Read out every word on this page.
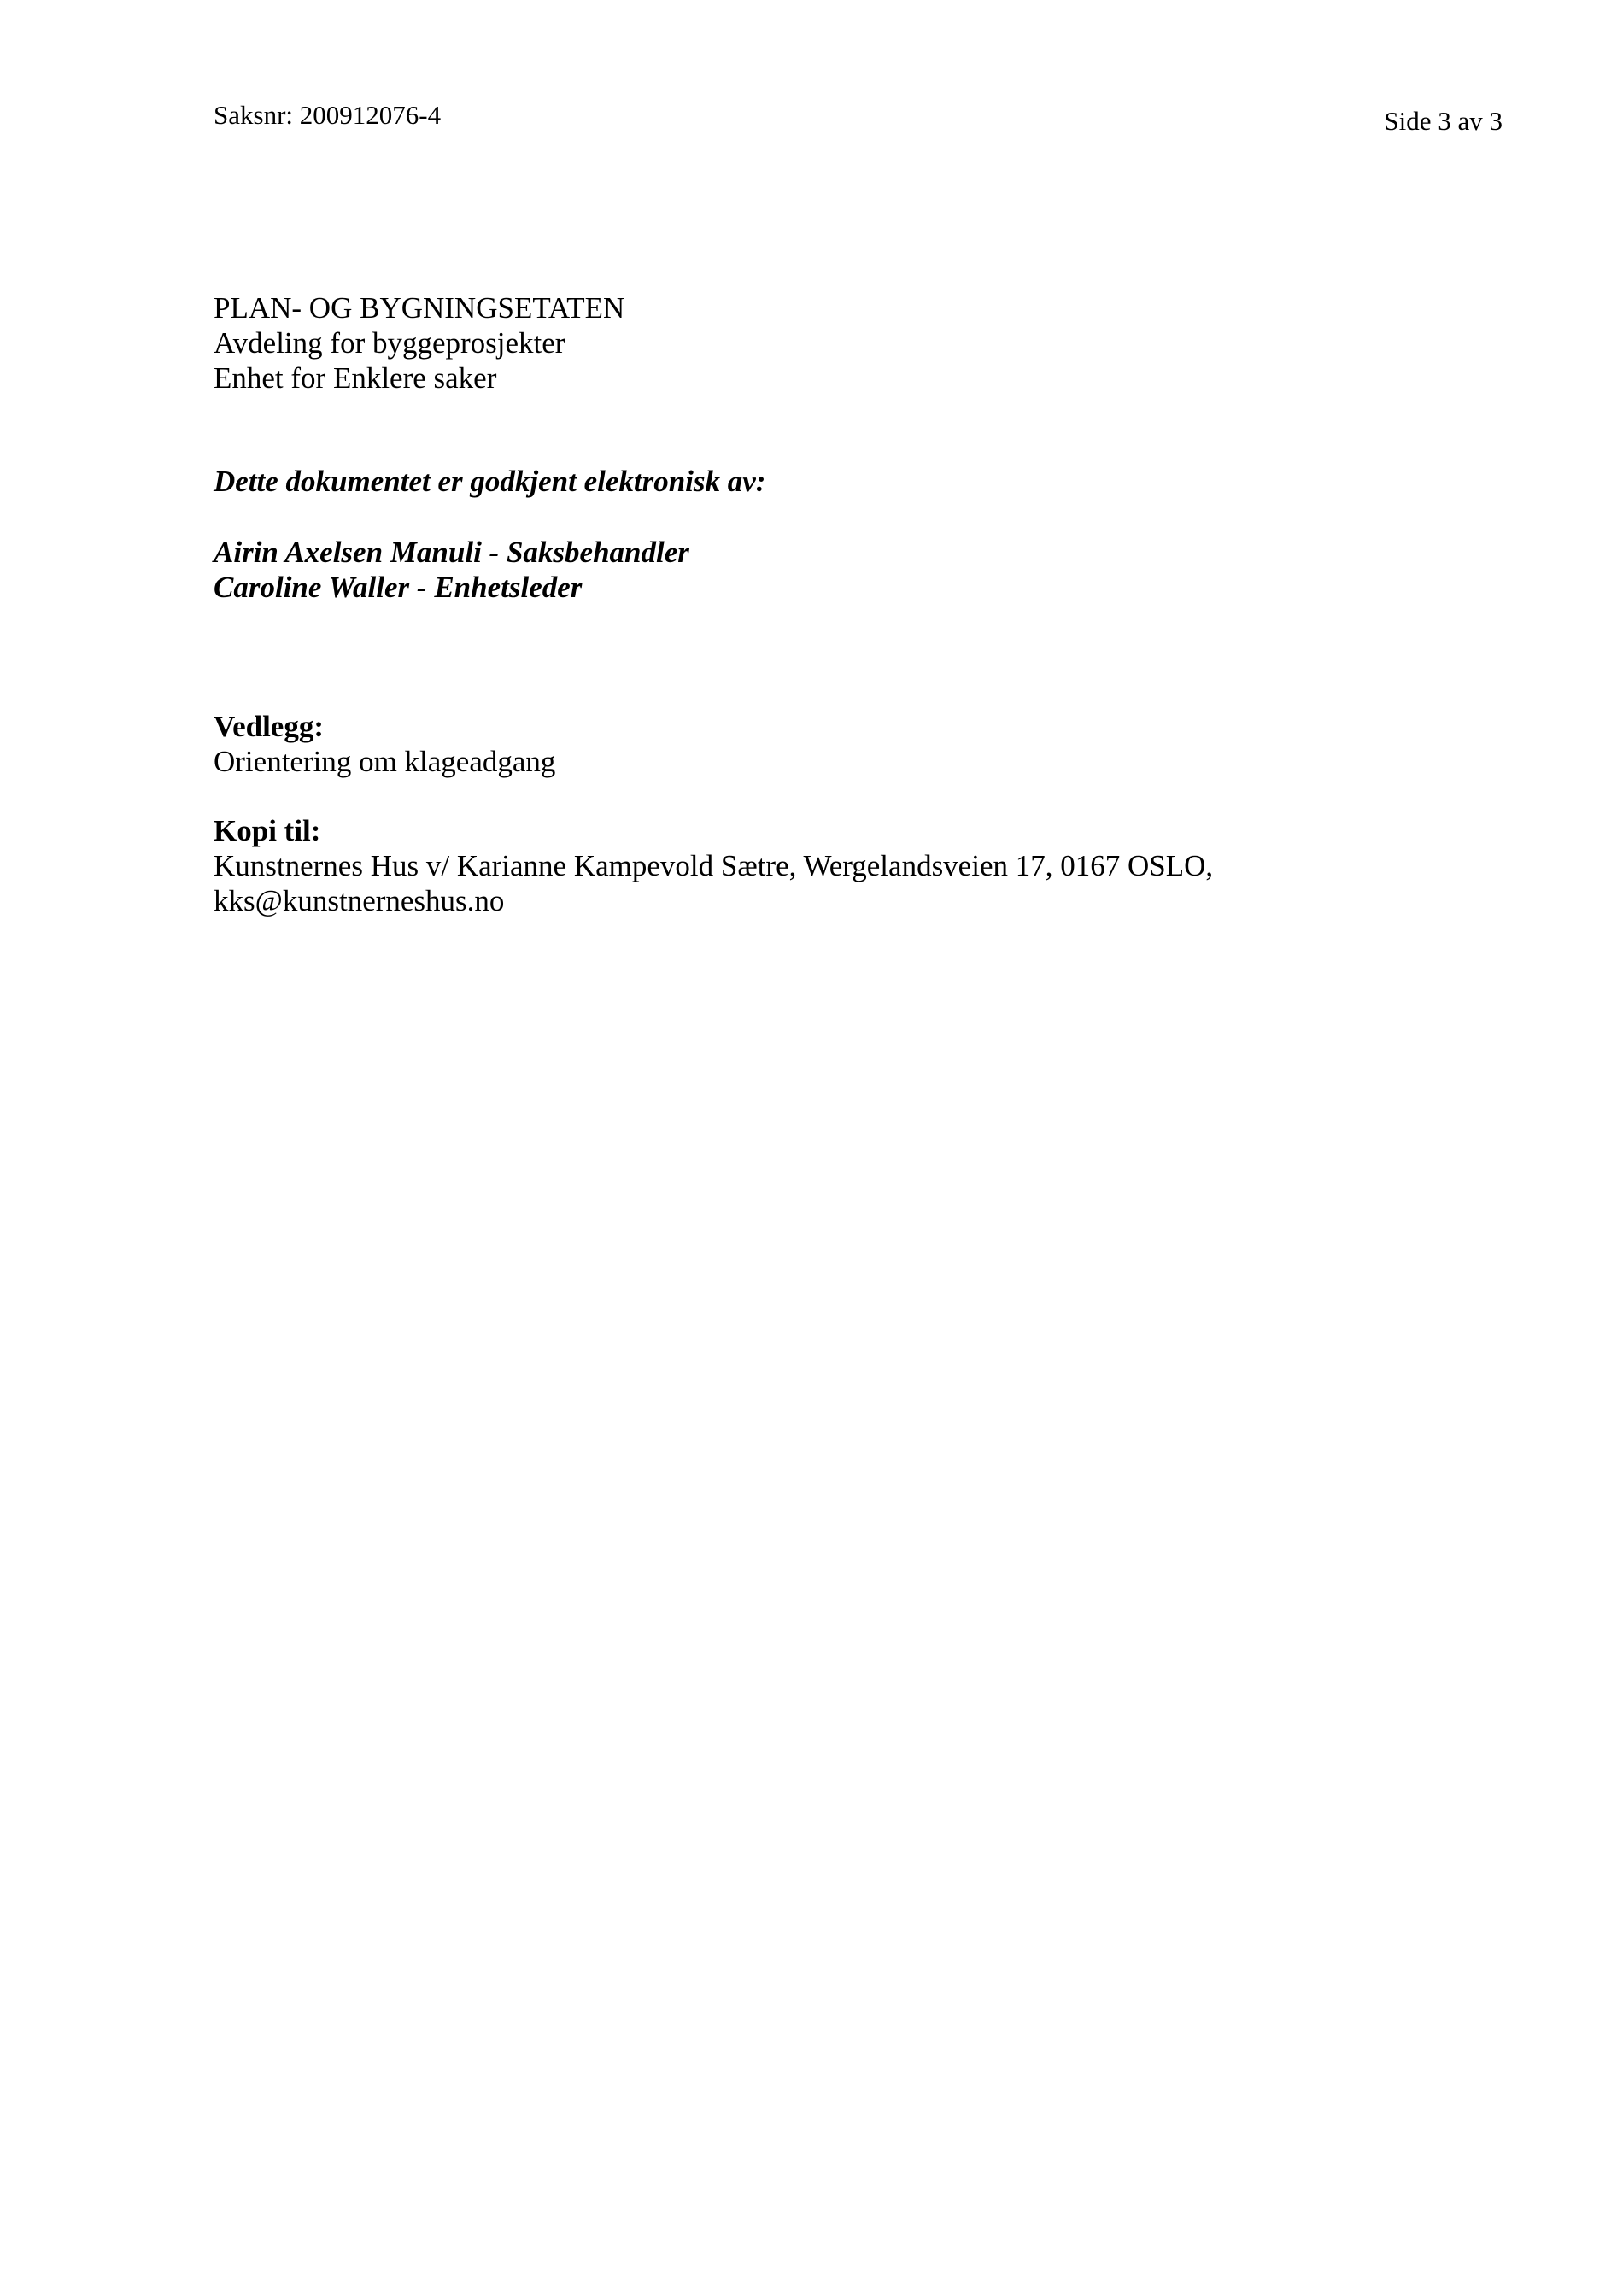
Saksnr: 200912076-4	Side 3 av 3
PLAN- OG BYGNINGSETATEN
Avdeling for byggeprosjekter
Enhet for Enklere saker
Dette dokumentet er godkjent elektronisk av:
Airin Axelsen Manuli - Saksbehandler
Caroline Waller - Enhetsleder
Vedlegg:
Orientering om klageadgang
Kopi til:
Kunstnernes Hus v/ Karianne Kampevold Sætre, Wergelandsveien 17, 0167 OSLO,
kks@kunstnerneshus.no
